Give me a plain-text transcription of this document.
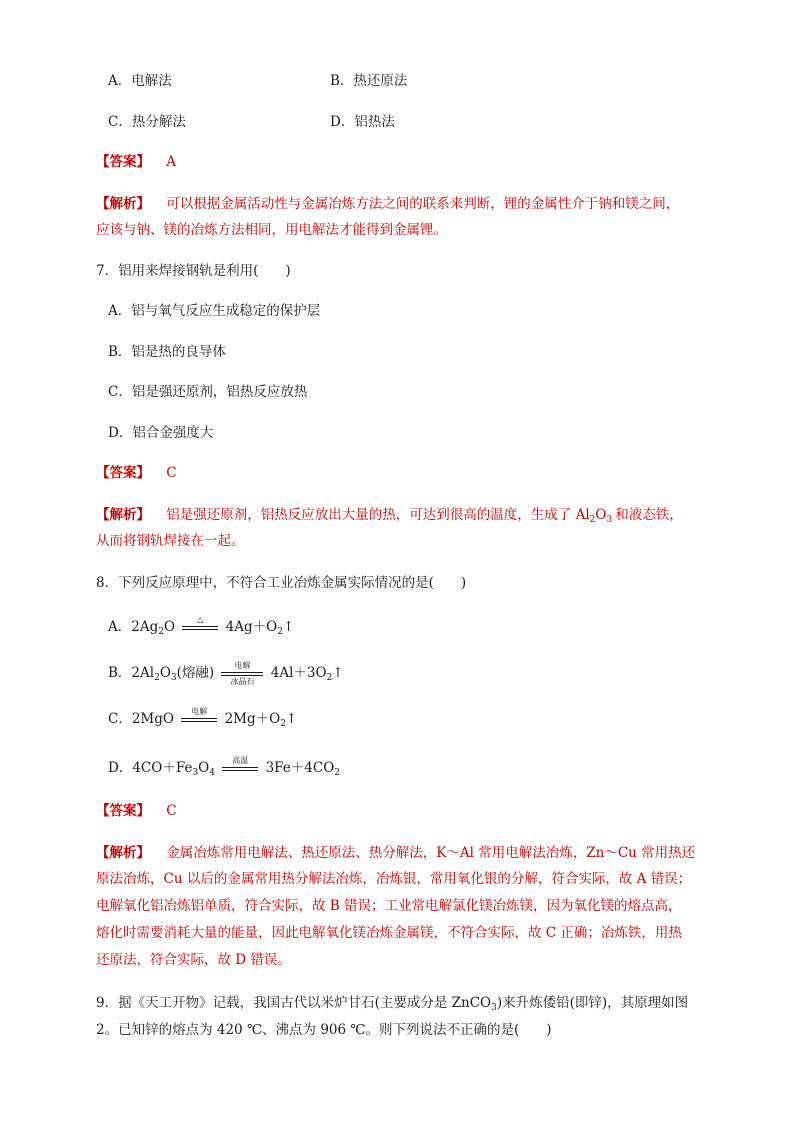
A．电解法	B．热还原法
C．热分解法	D．铝热法
【答案】 A
【解析】 可以根据金属活动性与金属冶炼方法之间的联系来判断，锂的金属性介于钠和镁之间，
应该与钠、镁的冶炼方法相同，用电解法才能得到金属锂。
7．铝用来焊接钢轨是利用(　　)
A．铝与氧气反应生成稳定的保护层
B．铝是热的良导体
C．铝是强还原剂，铝热反应放热
D．铝合金强度大
【答案】 C
【解析】 铝是强还原剂，铝热反应放出大量的热，可达到很高的温度，生成了 $Al_2O_3$ 和液态铁，
从而将钢轨焊接在一起。
8．下列反应原理中，不符合工业冶炼金属实际情况的是(　　)
A．$2Ag_2O$	△	$4Ag+O_2↑$
B．$2Al_2O_3$(熔融)	电解
冰晶石	$4Al+3O_2↑$
C．2MgO	电解	$2Mg+O_2↑$
D．$4CO+Fe_3O_4$
高温	$3Fe+4CO_2$
【答案】 C
【解析】 金属冶炼常用电解法、热还原法、热分解法，K～Al 常用电解法冶炼，Zn～Cu 常用热还
原法冶炼，Cu 以后的金属常用热分解法冶炼，冶炼银，常用氧化银的分解，符合实际，故 A 错误；
电解氧化铝冶炼铝单质，符合实际，故 B 错误；工业常电解氯化镁冶炼镁，因为氧化镁的熔点高，
熔化时需要消耗大量的能量，因此电解氧化镁冶炼金属镁，不符合实际，故 C 正确；冶炼铁，用热
还原法，符合实际，故 D 错误。
9．据《天工开物》记载，我国古代以米炉甘石(主要成分是 ZnCO$_3$)来升炼倭铅(即锌)，其原理如图
2。已知锌的熔点为 420 ℃、沸点为 906 ℃。则下列说法不正确的是(　　)
